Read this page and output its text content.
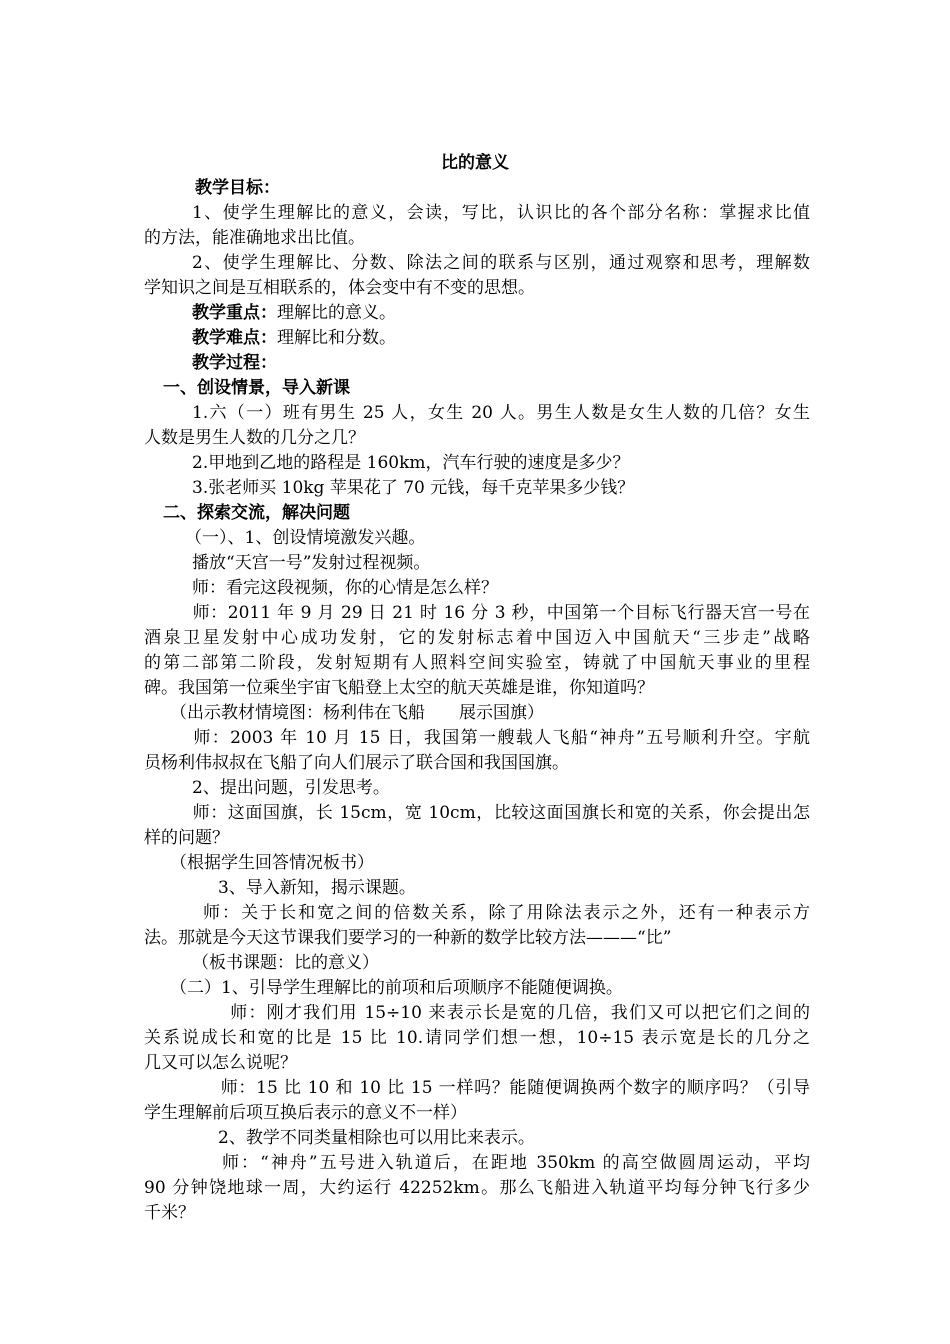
比的意义
教学目标：
1、使学生理解比的意义，会读，写比，认识比的各个部分名称：掌握求比值
的方法，能准确地求出比值。
2、使学生理解比、分数、除法之间的联系与区别，通过观察和思考，理解数
学知识之间是互相联系的，体会变中有不变的思想。
教学重点：理解比的意义。
教学难点：理解比和分数。
教学过程：
一、创设情景，导入新课
1.六（一）班有男生 25 人，女生 20 人。男生人数是女生人数的几倍？女生
人数是男生人数的几分之几？
2.甲地到乙地的路程是 160km，汽车行驶的速度是多少？
3.张老师买 10kg 苹果花了 70 元钱，每千克苹果多少钱？
二、探索交流，解决问题
（一）、1、创设情境激发兴趣。
播放“天宫一号”发射过程视频。
师：看完这段视频，你的心情是怎么样？
师：2011 年 9 月 29 日 21 时 16 分 3 秒，中国第一个目标飞行器天宫一号在
酒泉卫星发射中心成功发射，它的发射标志着中国迈入中国航天“三步走”战略
的第二部第二阶段，发射短期有人照料空间实验室，铸就了中国航天事业的里程
碑。我国第一位乘坐宇宙飞船登上太空的航天英雄是谁，你知道吗？
（出示教材情境图：杨利伟在飞船　　展示国旗）
师：2003 年 10 月 15 日，我国第一艘载人飞船“神舟”五号顺利升空。宇航
员杨利伟叔叔在飞船了向人们展示了联合国和我国国旗。
2、提出问题，引发思考。
师：这面国旗，长 15cm，宽 10cm，比较这面国旗长和宽的关系，你会提出怎
样的问题？
（根据学生回答情况板书）
3、导入新知，揭示课题。
师：关于长和宽之间的倍数关系，除了用除法表示之外，还有一种表示方
法。那就是今天这节课我们要学习的一种新的数学比较方法———“比”
（板书课题：比的意义）
（二）1、引导学生理解比的前项和后项顺序不能随便调换。
师：刚才我们用 15÷10 来表示长是宽的几倍，我们又可以把它们之间的
关系说成长和宽的比是 15 比 10.请同学们想一想，10÷15 表示宽是长的几分之
几又可以怎么说呢？
师：15 比 10 和 10 比 15 一样吗？能随便调换两个数字的顺序吗？（引导
学生理解前后项互换后表示的意义不一样）
2、教学不同类量相除也可以用比来表示。
师：“神舟”五号进入轨道后，在距地 350km 的高空做圆周运动，平均
90 分钟饶地球一周，大约运行 42252km。那么飞船进入轨道平均每分钟飞行多少
千米？
